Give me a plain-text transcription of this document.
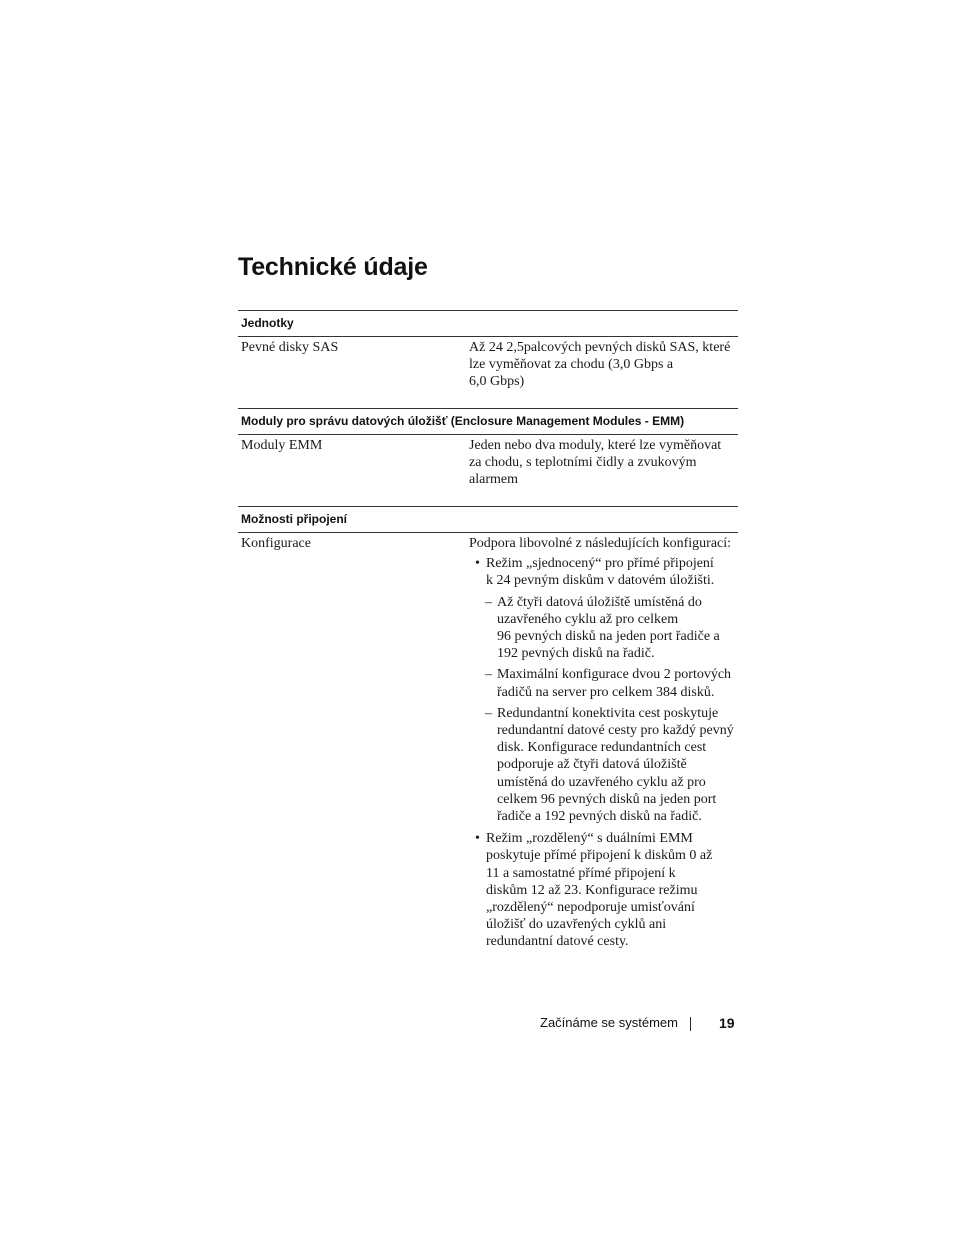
Technické údaje
Jednotky
Pevné disky SAS	Až 24 2,5palcových pevných disků SAS, které
lze vyměňovat za chodu (3,0 Gbps a
6,0 Gbps)
Moduly pro správu datových úložišť (Enclosure Management Modules - EMM)
Moduly EMM	Jeden nebo dva moduly, které lze vyměňovat
za chodu, s teplotními čidly a zvukovým
alarmem
Možnosti připojení
Konfigurace	Podpora libovolné z následujících konfigurací:
• Režim „sjednocený“ pro přímé připojení
k 24 pevným diskům v datovém úložišti.
– Až čtyři datová úložiště umístěná do
uzavřeného cyklu až pro celkem
96 pevných disků na jeden port řadiče a
192 pevných disků na řadič.
– Maximální konfigurace dvou 2 portových
řadičů na server pro celkem 384 disků.
– Redundantní konektivita cest poskytuje
redundantní datové cesty pro každý pevný
disk. Konfigurace redundantních cest
podporuje až čtyři datová úložiště
umístěná do uzavřeného cyklu až pro
celkem 96 pevných disků na jeden port
řadiče a 192 pevných disků na řadič.
• Režim „rozdělený“ s duálními EMM
poskytuje přímé připojení k diskům 0 až
11 a samostatné přímé připojení k
diskům 12 až 23. Konfigurace režimu
„rozdělený“ nepodporuje umisťování
úložišť do uzavřených cyklů ani
redundantní datové cesty.
Začínáme se systémem	19
